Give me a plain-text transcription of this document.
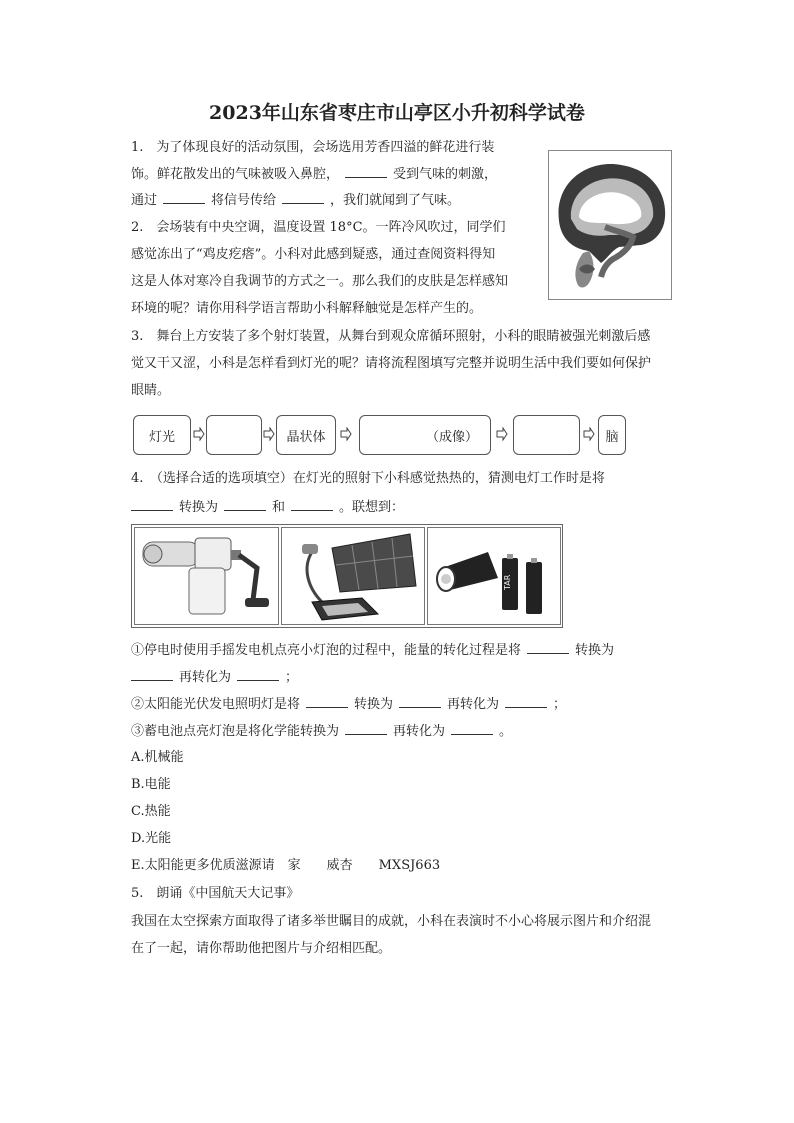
2023年山东省枣庄市山亭区小升初科学试卷
1.　为了体现良好的活动氛围，会场选用芳香四溢的鲜花进行装
饰。鲜花散发出的气味被吸入鼻腔，	受到气味的刺激，
通过	将信号传给	，我们就闻到了气味。
2.　会场装有中央空调，温度设置 18°C。一阵冷风吹过，同学们
感觉冻出了“鸡皮疙瘩”。小科对此感到疑惑，通过查阅资料得知
这是人体对寒冷自我调节的方式之一。那么我们的皮肤是怎样感知
环境的呢？请你用科学语言帮助小科解释触觉是怎样产生的。
3.　舞台上方安装了多个射灯装置，从舞台到观众席循环照射，小科的眼睛被强光刺激后感
觉又干又涩，小科是怎样看到灯光的呢？请将流程图填写完整并说明生活中我们要如何保护
眼睛。
灯光	晶状体	（成像）	脑
4.　（选择合适的选项填空）在灯光的照射下小科感觉热热的，猜测电灯工作时是将
转换为	和	。联想到：
TAR
①停电时使用手摇发电机点亮小灯泡的过程中，能量的转化过程是将	转换为
再转化为	；
②太阳能光伏发电照明灯是将	转换为	再转化为	；
③蓄电池点亮灯泡是将化学能转换为	再转化为	。
A.机械能
B.电能
C.热能
D.光能
E.太阳能更多优质滋源请　家　　威杏　　MXSJ663
5.　朗诵《中国航天大记事》
我国在太空探索方面取得了诸多举世瞩目的成就，小科在表演时不小心将展示图片和介绍混
在了一起，请你帮助他把图片与介绍相匹配。
